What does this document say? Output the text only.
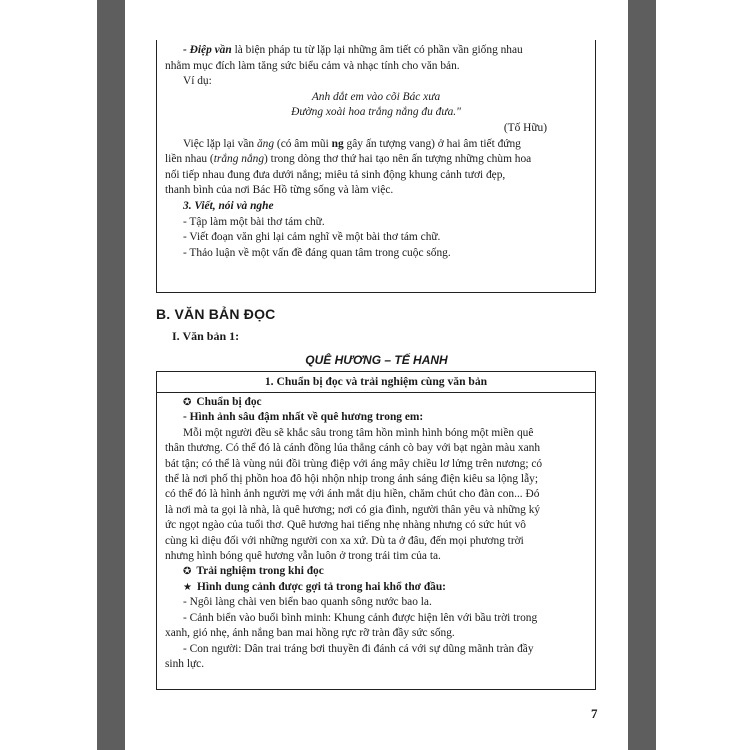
- Điệp vần là biện pháp tu từ lặp lại những âm tiết có phần vần giống nhau

nhằm mục đích làm tăng sức biểu cảm và nhạc tính cho văn bản.

Ví dụ:

Anh dắt em vào cõi Bác xưa

Đường xoài hoa trắng nắng đu đưa."

(Tố Hữu)

Việc lặp lại vần ăng (có âm mũi ng gây ấn tượng vang) ở hai âm tiết đứng

liền nhau (trắng nắng) trong dòng thơ thứ hai tạo nên ấn tượng những chùm hoa

nối tiếp nhau đung đưa dưới nắng; miêu tả sinh động khung cảnh tươi đẹp,

thanh bình của nơi Bác Hồ từng sống và làm việc.

3. Viết, nói và nghe

- Tập làm một bài thơ tám chữ.

- Viết đoạn văn ghi lại cảm nghĩ về một bài thơ tám chữ.

- Thảo luận về một vấn đề đáng quan tâm trong cuộc sống.

B. VĂN BẢN ĐỌC
I. Văn bản 1:
QUÊ HƯƠNG – TẾ HANH
1. Chuẩn bị đọc và trải nghiệm cùng văn bản

✪ Chuẩn bị đọc

- Hình ảnh sâu đậm nhất về quê hương trong em:

Mỗi một người đều sẽ khắc sâu trong tâm hồn mình hình bóng một miền quê

thân thương. Có thể đó là cánh đồng lúa thẳng cánh cò bay với bạt ngàn màu xanh

bát tận; có thể là vùng núi đồi trùng điệp với áng mây chiều lơ lửng trên nương; có

thể là nơi phố thị phồn hoa đô hội nhộn nhịp trong ánh sáng điện kiêu sa lộng lẫy;

có thể đó là hình ảnh người mẹ với ánh mắt dịu hiền, chăm chút cho đàn con... Đó

là nơi mà ta gọi là nhà, là quê hương; nơi có gia đình, người thân yêu và những ký

ức ngọt ngào của tuổi thơ. Quê hương hai tiếng nhẹ nhàng nhưng có sức hút vô

cùng kì diệu đối với những người con xa xứ. Dù ta ở đâu, đến mọi phương trời

nhưng hình bóng quê hương vẫn luôn ở trong trái tim của ta.

✪ Trải nghiệm trong khi đọc

★ Hình dung cảnh được gợi tả trong hai khổ thơ đầu:

- Ngôi làng chài ven biển bao quanh sông nước bao la.

- Cảnh biển vào buổi bình minh: Khung cảnh được hiện lên với bầu trời trong

xanh, gió nhẹ, ánh nắng ban mai hồng rực rỡ tràn đầy sức sống.

- Con người: Dân trai tráng bơi thuyền đi đánh cá với sự dũng mãnh tràn đầy

sinh lực.

7
